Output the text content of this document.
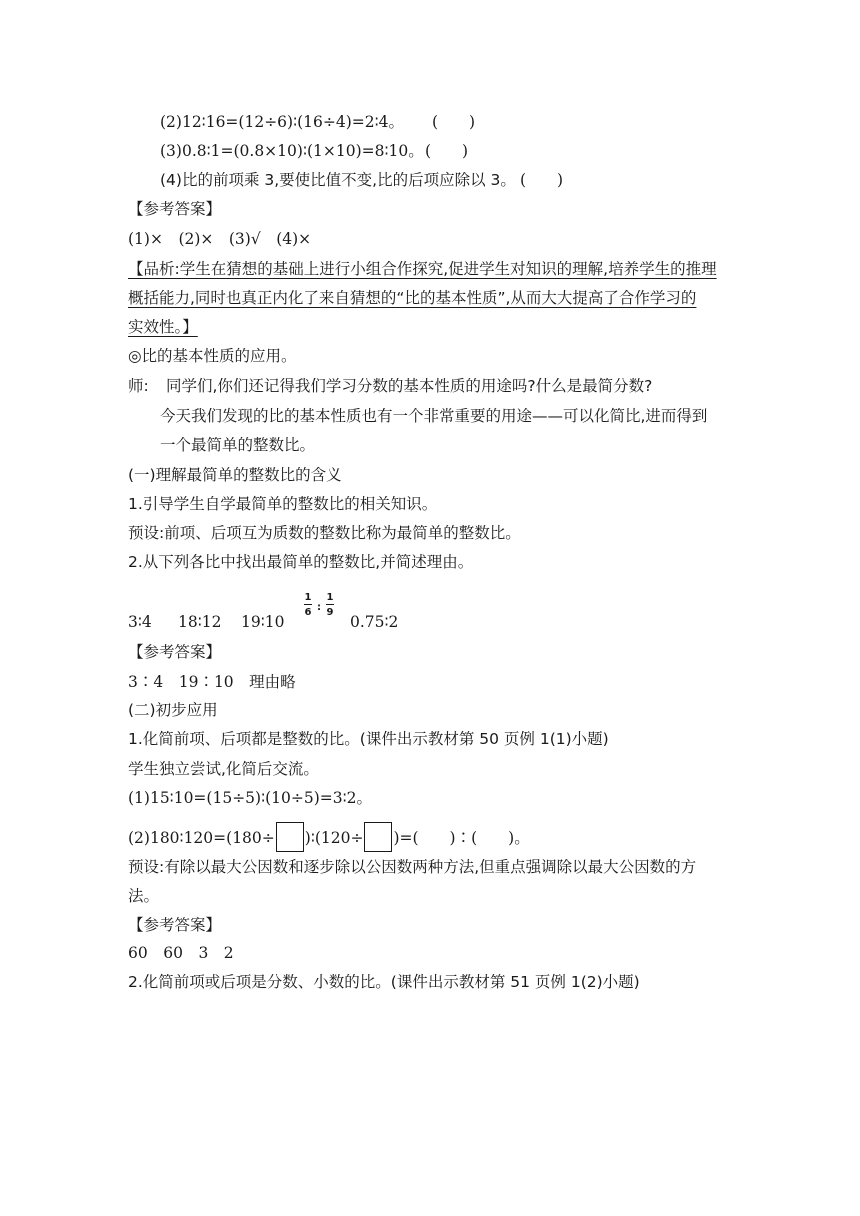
(2)12∶16=(12÷6)∶(16÷4)=2∶4。 (　　)
(3)0.8∶1=(0.8×10)∶(1×10)=8∶10。 (　　)
(4)比的前项乘 3,要使比值不变,比的后项应除以 3。 (　　)
【参考答案】
(1)×　(2)×　(3)√　(4)×
【品析:学生在猜想的基础上进行小组合作探究,促进学生对知识的理解,培养学生的推理
概括能力,同时也真正内化了来自猜想的“比的基本性质”,从而大大提高了合作学习的
实效性。】
◎比的基本性质的应用。
师: 同学们,你们还记得我们学习分数的基本性质的用途吗?什么是最简分数?
今天我们发现的比的基本性质也有一个非常重要的用途——可以化简比,进而得到
一个最简单的整数比。
(一)理解最简单的整数比的含义
1.引导学生自学最简单的整数比的相关知识。
预设:前项、后项互为质数的整数比称为最简单的整数比。
2.从下列各比中找出最简单的整数比,并简述理由。
3∶4 18∶12 19∶10
1
6 :
1
9
0.75∶2
【参考答案】
3∶4　19∶10　理由略
(二)初步应用
1.化简前项、后项都是整数的比。(课件出示教材第 50 页例 1(1)小题)
学生独立尝试,化简后交流。
(1)15∶10=(15÷5)∶(10÷5)=3∶2。
(2)180∶120=(180÷ )∶(120÷ )=(　　)∶(　　)。
预设:有除以最大公因数和逐步除以公因数两种方法,但重点强调除以最大公因数的方
法。
【参考答案】
60　60　3　2
2.化简前项或后项是分数、小数的比。(课件出示教材第 51 页例 1(2)小题)
